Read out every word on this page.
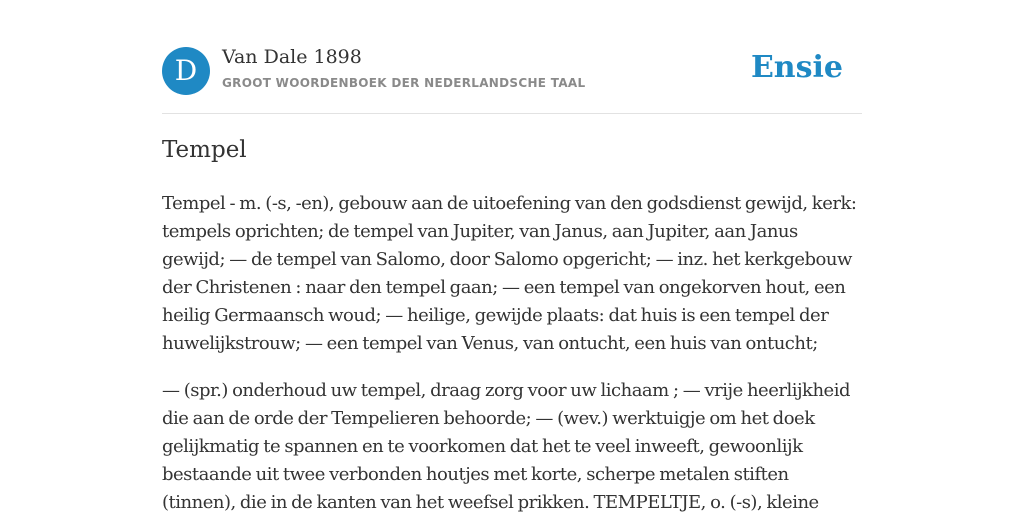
D	Van Dale 1898
GROOT WOORDENBOEK DER NEDERLANDSCHE TAAL	Ensie
Tempel

Tempel - m. (-s, -en), gebouw aan de uitoefening van den godsdienst gewijd, kerk: tempels oprichten; de tempel van Jupiter, van Janus, aan Jupiter, aan Janus gewijd; — de tempel van Salomo, door Salomo opgericht; — inz. het kerkgebouw der Christenen : naar den tempel gaan; — een tempel van ongekorven hout, een heilig Germaansch woud; — heilige, gewijde plaats: dat huis is een tempel der huwelijkstrouw; — een tempel van Venus, van ontucht, een huis van ontucht;

— (spr.) onderhoud uw tempel, draag zorg voor uw lichaam ; — vrije heerlijkheid die aan de orde der Tempelieren behoorde; — (wev.) werktuigje om het doek gelijkmatig te spannen en te voorkomen dat het te veel inweeft, gewoonlijk bestaande uit twee verbonden houtjes met korte, scherpe metalen stiften (tinnen), die in de kanten van het weefsel prikken. TEMPELTJE, o. (-s), kleine
